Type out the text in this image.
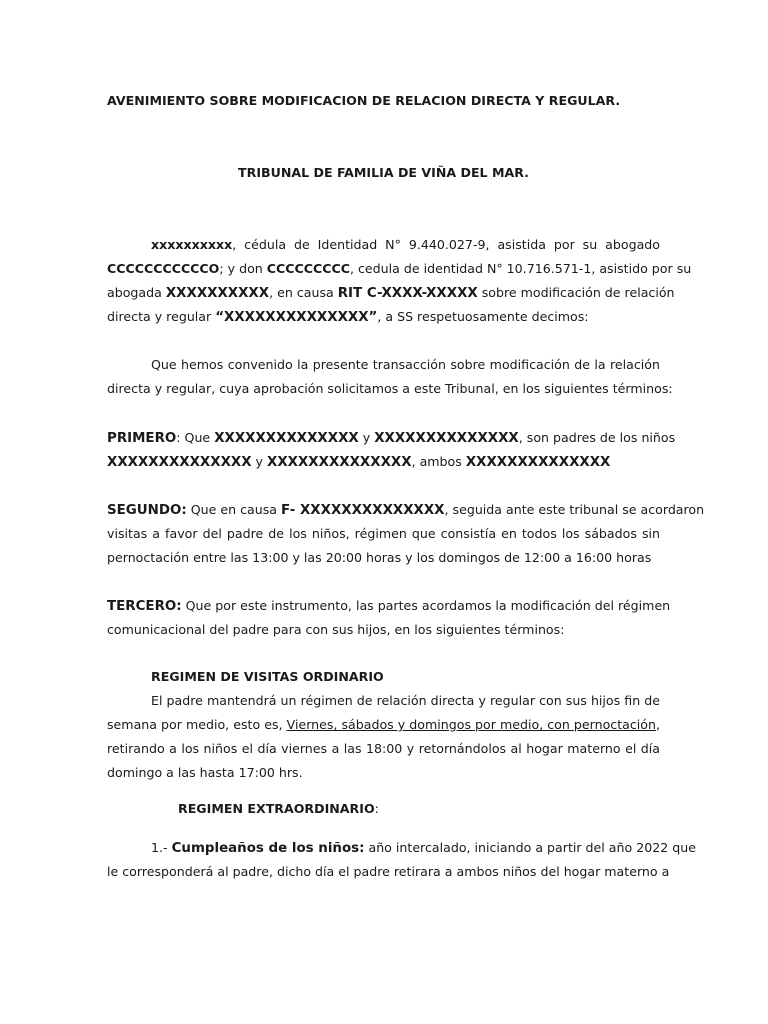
AVENIMIENTO SOBRE MODIFICACION DE RELACION DIRECTA Y REGULAR.
TRIBUNAL DE FAMILIA DE VIÑA DEL MAR.
xxxxxxxxxx, cédula de Identidad N° 9.440.027-9, asistida por su abogado
CCCCCCCCCCCO; y don CCCCCCCCC, cedula de identidad N° 10.716.571-1, asistido por su
abogada XXXXXXXXXX, en causa RIT C-XXXX-XXXXX sobre modificación de relación
directa y regular “XXXXXXXXXXXXXX”, a SS respetuosamente decimos:
Que hemos convenido la presente transacción sobre modificación de la relación
directa y regular, cuya aprobación solicitamos a este Tribunal, en los siguientes términos:
PRIMERO: Que XXXXXXXXXXXXXX y XXXXXXXXXXXXXX, son padres de los niños
XXXXXXXXXXXXXX y XXXXXXXXXXXXXX, ambos XXXXXXXXXXXXXX
SEGUNDO: Que en causa F- XXXXXXXXXXXXXX, seguida ante este tribunal se acordaron
visitas a favor del padre de los niños, régimen que consistía en todos los sábados sin
pernoctación entre las 13:00 y las 20:00 horas y los domingos de 12:00 a 16:00 horas
TERCERO: Que por este instrumento, las partes acordamos la modificación del régimen
comunicacional del padre para con sus hijos, en los siguientes términos:
REGIMEN DE VISITAS ORDINARIO
El padre mantendrá un régimen de relación directa y regular con sus hijos fin de
semana por medio, esto es, Viernes, sábados y domingos por medio, con pernoctación,
retirando a los niños el día viernes a las 18:00 y retornándolos al hogar materno el día
domingo a las hasta 17:00 hrs.
REGIMEN EXTRAORDINARIO:
1.- Cumpleaños de los niños: año intercalado, iniciando a partir del año 2022 que
le corresponderá al padre, dicho día el padre retirara a ambos niños del hogar materno a
